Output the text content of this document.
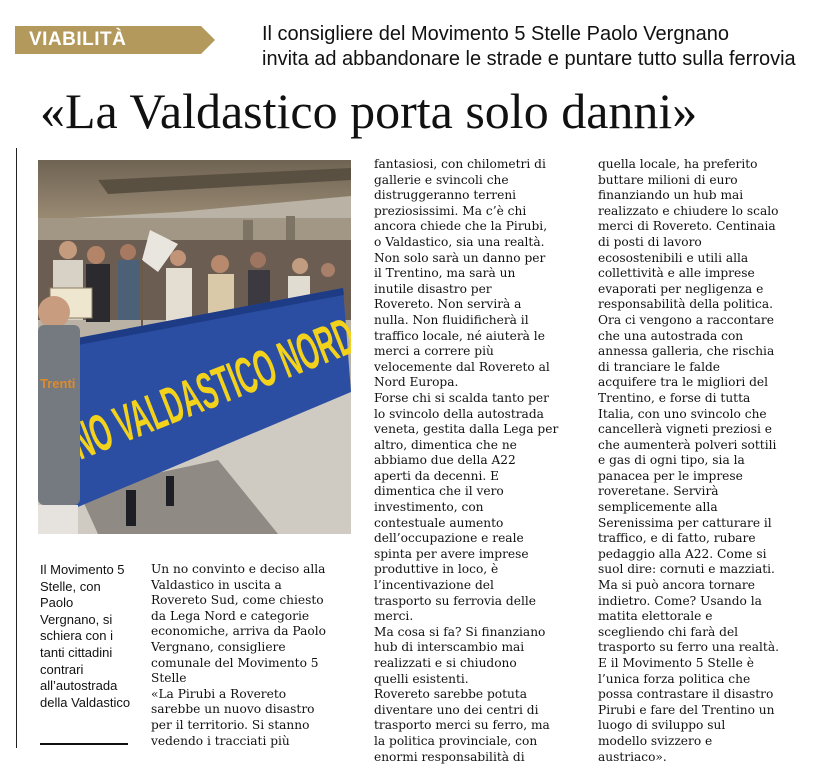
VIABILITÀ	Il consigliere del Movimento 5 Stelle Paolo Vergnano
invita ad abbandonare le strade e puntare tutto sulla ferrovia
«La Valdastico porta solo danni»
Trenti
Il Movimento 5
Stelle, con
Paolo
Vergnano, si
schiera con i
tanti cittadini
contrari
all’autostrada
della Valdastico

Un no convinto e deciso alla

Valdastico in uscita a

Rovereto Sud, come chiesto

da Lega Nord e categorie

economiche, arriva da Paolo

Vergnano, consigliere

comunale del Movimento 5

Stelle

«La Pirubi a Rovereto

sarebbe un nuovo disastro

per il territorio. Si stanno

vedendo i tracciati più

fantasiosi, con chilometri di

gallerie e svincoli che

distruggeranno terreni

preziosissimi. Ma c’è chi

ancora chiede che la Pirubi,

o Valdastico, sia una realtà.

Non solo sarà un danno per

il Trentino, ma sarà un

inutile disastro per

Rovereto. Non servirà a

nulla. Non fluidificherà il

traffico locale, né aiuterà le

merci a correre più

velocemente dal Rovereto al

Nord Europa.

Forse chi si scalda tanto per

lo svincolo della autostrada

veneta, gestita dalla Lega per

altro, dimentica che ne

abbiamo due della A22

aperti da decenni. E

dimentica che il vero

investimento, con

contestuale aumento

dell’occupazione e reale

spinta per avere imprese

produttive in loco, è

l’incentivazione del

trasporto su ferrovia delle

merci.

Ma cosa si fa? Si finanziano

hub di interscambio mai

realizzati e si chiudono

quelli esistenti.

Rovereto sarebbe potuta

diventare uno dei centri di

trasporto merci su ferro, ma

la politica provinciale, con

enormi responsabilità di

quella locale, ha preferito

buttare milioni di euro

finanziando un hub mai

realizzato e chiudere lo scalo

merci di Rovereto. Centinaia

di posti di lavoro

ecosostenibili e utili alla

collettività e alle imprese

evaporati per negligenza e

responsabilità della politica.

Ora ci vengono a raccontare

che una autostrada con

annessa galleria, che rischia

di tranciare le falde

acquifere tra le migliori del

Trentino, e forse di tutta

Italia, con uno svincolo che

cancellerà vigneti preziosi e

che aumenterà polveri sottili

e gas di ogni tipo, sia la

panacea per le imprese

roveretane. Servirà

semplicemente alla

Serenissima per catturare il

traffico, e di fatto, rubare

pedaggio alla A22. Come si

suol dire: cornuti e mazziati.

Ma si può ancora tornare

indietro. Come? Usando la

matita elettorale e

scegliendo chi farà del

trasporto su ferro una realtà.

E il Movimento 5 Stelle è

l’unica forza politica che

possa contrastare il disastro

Pirubi e fare del Trentino un

luogo di sviluppo sul

modello svizzero e

austriaco».
